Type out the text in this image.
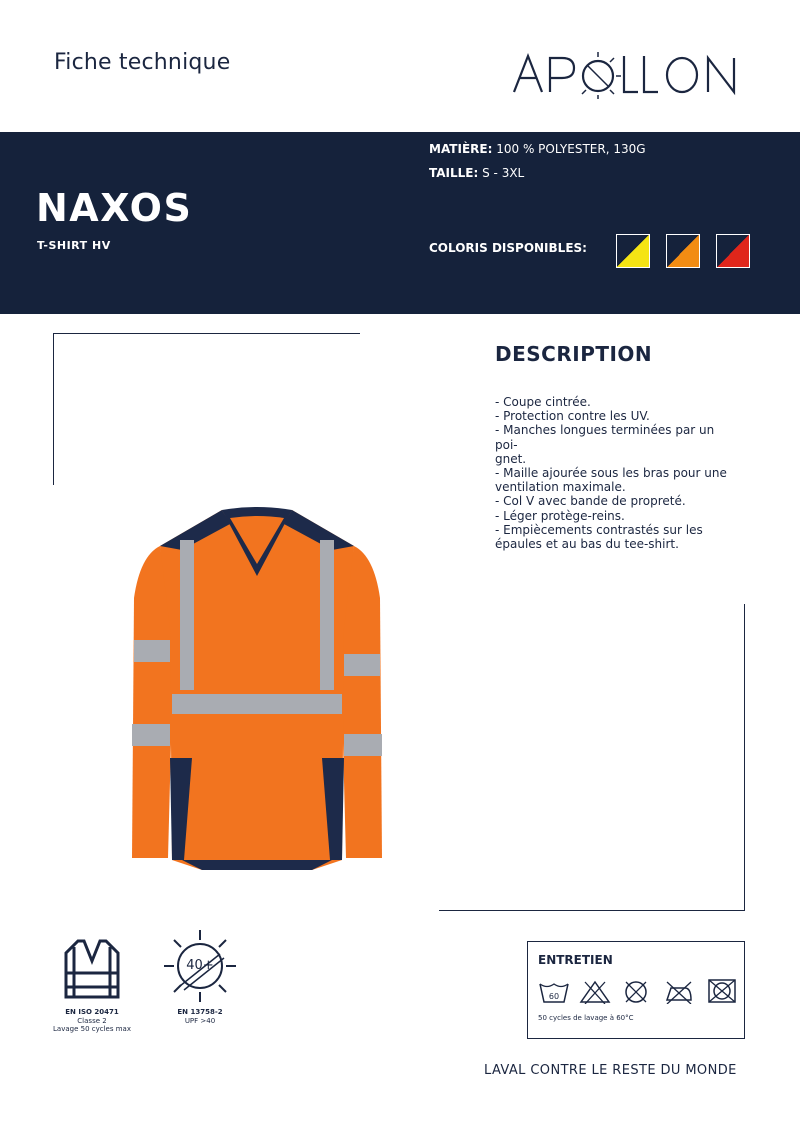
Fiche technique
APOLLON
NAXOS
T-SHIRT HV
MATIÈRE: 100 % POLYESTER, 130G
TAILLE: S - 3XL
COLORIS DISPONIBLES:
DESCRIPTION
- Coupe cintrée.
- Protection contre les UV.
- Manches longues terminées par un poi-
gnet.
- Maille ajourée sous les bras pour une
ventilation maximale.
- Col V avec bande de propreté.
- Léger protège-reins.
- Empiècements contrastés sur les
épaules et au bas du tee-shirt.
EN ISO 20471
Classe 2
Lavage 50 cycles max
40+
EN 13758-2
UPF >40
ENTRETIEN
60
50 cycles de lavage à 60°C
LAVAL CONTRE LE RESTE DU MONDE
